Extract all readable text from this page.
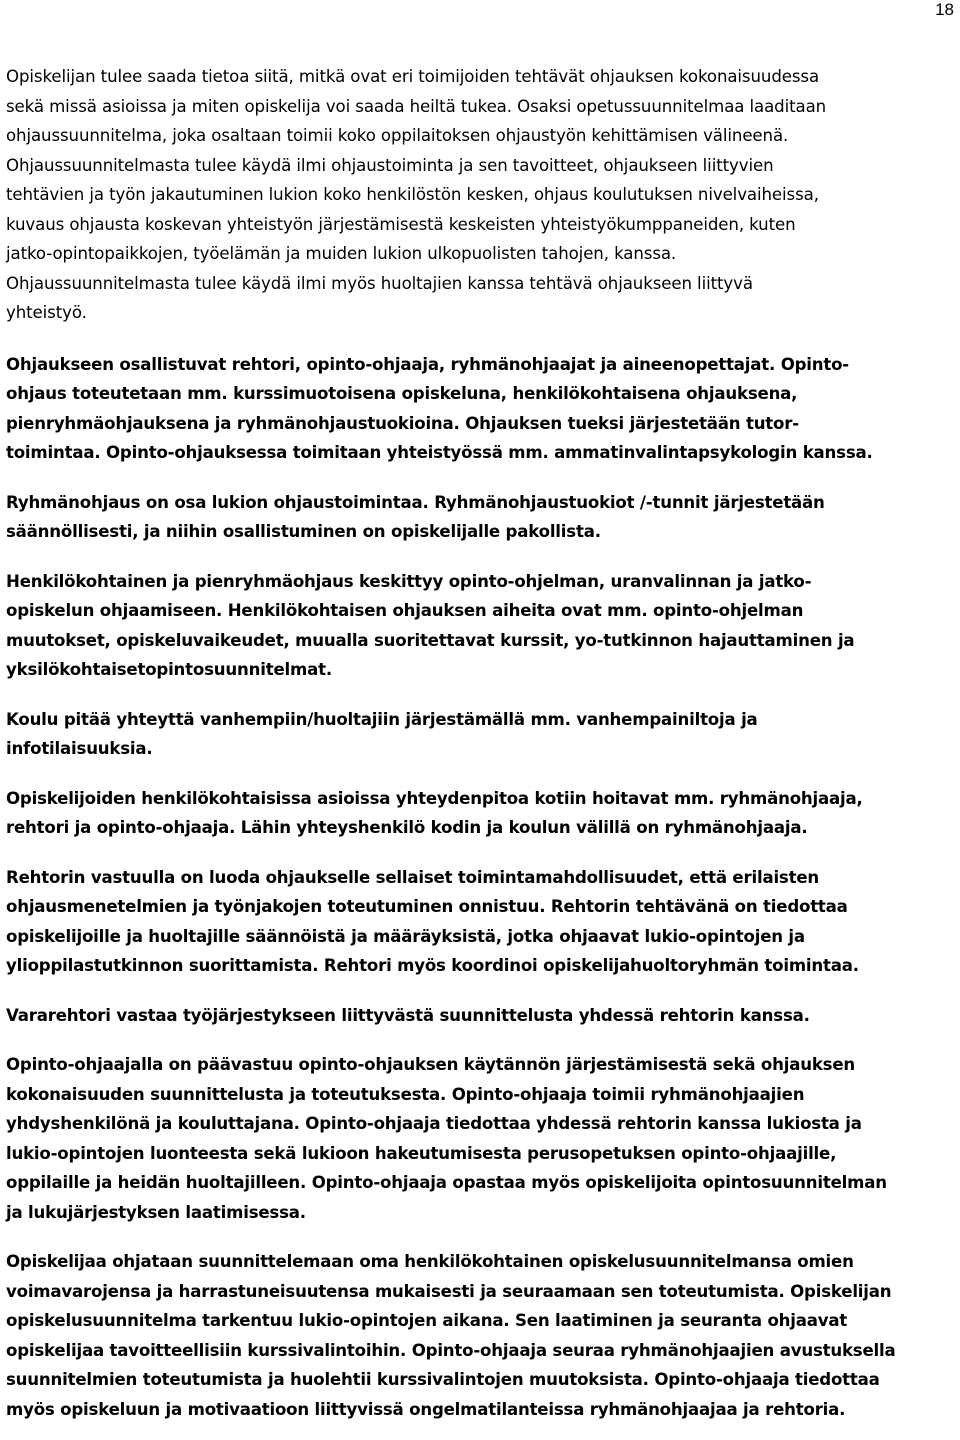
18

Opiskelijan tulee saada tietoa siitä, mitkä ovat eri toimijoiden tehtävät ohjauksen kokonaisuudessa
sekä missä asioissa ja miten opiskelija voi saada heiltä tukea. Osaksi opetussuunnitelmaa laaditaan
ohjaussuunnitelma, joka osaltaan toimii koko oppilaitoksen ohjaustyön kehittämisen välineenä.
Ohjaussuunnitelmasta tulee käydä ilmi ohjaustoiminta ja sen tavoitteet, ohjaukseen liittyvien
tehtävien ja työn jakautuminen lukion koko henkilöstön kesken, ohjaus koulutuksen nivelvaiheissa,
kuvaus ohjausta koskevan yhteistyön järjestämisestä keskeisten yhteistyökumppaneiden, kuten
jatko-opintopaikkojen, työelämän ja muiden lukion ulkopuolisten tahojen, kanssa.
Ohjaussuunnitelmasta tulee käydä ilmi myös huoltajien kanssa tehtävä ohjaukseen liittyvä
yhteistyö.

Ohjaukseen osallistuvat rehtori, opinto-ohjaaja, ryhmänohjaajat ja aineenopettajat. Opinto-
ohjaus toteutetaan mm. kurssimuotoisena opiskeluna, henkilökohtaisena ohjauksena,
pienryhmäohjauksena ja ryhmänohjaustuokioina. Ohjauksen tueksi järjestetään tutor-
toimintaa. Opinto-ohjauksessa toimitaan yhteistyössä mm. ammatinvalintapsykologin kanssa.

Ryhmänohjaus on osa lukion ohjaustoimintaa. Ryhmänohjaustuokiot /-tunnit järjestetään
säännöllisesti, ja niihin osallistuminen on opiskelijalle pakollista.

Henkilökohtainen ja pienryhmäohjaus keskittyy opinto-ohjelman, uranvalinnan ja jatko-
opiskelun ohjaamiseen. Henkilökohtaisen ohjauksen aiheita ovat mm. opinto-ohjelman
muutokset, opiskeluvaikeudet, muualla suoritettavat kurssit, yo-tutkinnon hajauttaminen ja
yksilökohtaisetopintosuunnitelmat.

Koulu pitää yhteyttä vanhempiin/huoltajiin järjestämällä mm. vanhempainiltoja ja
infotilaisuuksia.

Opiskelijoiden henkilökohtaisissa asioissa yhteydenpitoa kotiin hoitavat mm. ryhmänohjaaja,
rehtori ja opinto-ohjaaja. Lähin yhteyshenkilö kodin ja koulun välillä on ryhmänohjaaja.

Rehtorin vastuulla on luoda ohjaukselle sellaiset toimintamahdollisuudet, että erilaisten
ohjausmenetelmien ja työnjakojen toteutuminen onnistuu. Rehtorin tehtävänä on tiedottaa
opiskelijoille ja huoltajille säännöistä ja määräyksistä, jotka ohjaavat lukio-opintojen ja
ylioppilastutkinnon suorittamista. Rehtori myös koordinoi opiskelijahuoltoryhmän toimintaa.

Vararehtori vastaa työjärjestykseen liittyvästä suunnittelusta yhdessä rehtorin kanssa.

Opinto-ohjaajalla on päävastuu opinto-ohjauksen käytännön järjestämisestä sekä ohjauksen
kokonaisuuden suunnittelusta ja toteutuksesta. Opinto-ohjaaja toimii ryhmänohjaajien
yhdyshenkilönä ja kouluttajana. Opinto-ohjaaja tiedottaa yhdessä rehtorin kanssa lukiosta ja
lukio-opintojen luonteesta sekä lukioon hakeutumisesta perusopetuksen opinto-ohjaajille,
oppilaille ja heidän huoltajilleen. Opinto-ohjaaja opastaa myös opiskelijoita opintosuunnitelman
ja lukujärjestyksen laatimisessa.

Opiskelijaa ohjataan suunnittelemaan oma henkilökohtainen opiskelusuunnitelmansa omien
voimavarojensa ja harrastuneisuutensa mukaisesti ja seuraamaan sen toteutumista. Opiskelijan
opiskelusuunnitelma tarkentuu lukio-opintojen aikana. Sen laatiminen ja seuranta ohjaavat
opiskelijaa tavoitteellisiin kurssivalintoihin. Opinto-ohjaaja seuraa ryhmänohjaajien avustuksella
suunnitelmien toteutumista ja huolehtii kurssivalintojen muutoksista. Opinto-ohjaaja tiedottaa
myös opiskeluun ja motivaatioon liittyvissä ongelmatilanteissa ryhmänohjaajaa ja rehtoria.
